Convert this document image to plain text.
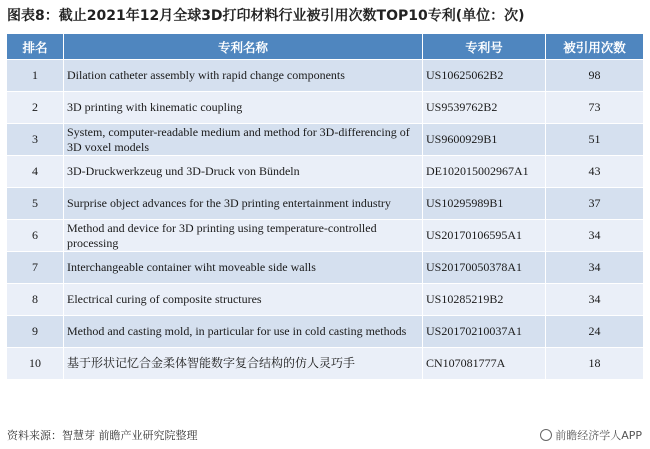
图表8：截止2021年12月全球3D打印材料行业被引用次数TOP10专利(单位：次)
排名	专利名称	专利号	被引用次数
1	Dilation catheter assembly with rapid change components	US10625062B2	98
2	3D printing with kinematic coupling	US9539762B2	73
3	System, computer-readable medium and method for 3D-differencing of 3D voxel models	US9600929B1	51
4	3D-Druckwerkzeug und 3D-Druck von Bündeln	DE102015002967A1	43
5	Surprise object advances for the 3D printing entertainment industry	US10295989B1	37
6	Method and device for 3D printing using temperature-controlled processing	US20170106595A1	34
7	Interchangeable container wiht moveable side walls	US20170050378A1	34
8	Electrical curing of composite structures	US10285219B2	34
9	Method and casting mold, in particular for use in cold casting methods	US20170210037A1	24
10	基于形状记忆合金柔体智能数字复合结构的仿人灵巧手	CN107081777A	18
资料来源：智慧芽 前瞻产业研究院整理	前瞻经济学人APP
